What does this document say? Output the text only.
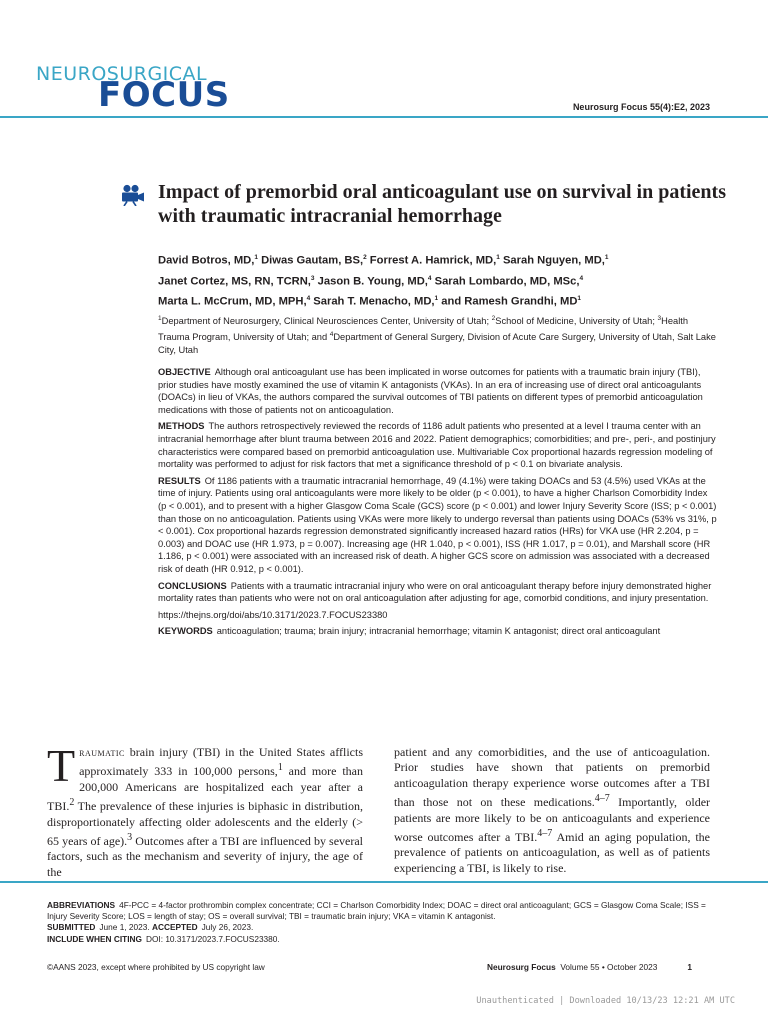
NEUROSURGICAL
FOCUS	Neurosurg Focus 55(4):E2, 2023
Impact of premorbid oral anticoagulant use on survival in patients with traumatic intracranial hemorrhage
David Botros, MD,$^1$ Diwas Gautam, BS,$^2$ Forrest A. Hamrick, MD,$^1$ Sarah Nguyen, MD,$^1$
Janet Cortez, MS, RN, TCRN,$^3$ Jason B. Young, MD,$^4$ Sarah Lombardo, MD, MSc,$^4$
Marta L. McCrum, MD, MPH,$^4$ Sarah T. Menacho, MD,$^1$ and Ramesh Grandhi, $MD^1$
$^1$Department of Neurosurgery, Clinical Neurosciences Center, University of Utah; $^2$School of Medicine, University of Utah; $^3$Health Trauma Program, University of Utah; and $^4$Department of General Surgery, Division of Acute Care Surgery, University of Utah, Salt Lake City, Utah

OBJECTIVE Although oral anticoagulant use has been implicated in worse outcomes for patients with a traumatic brain injury (TBI), prior studies have mostly examined the use of vitamin K antagonists (VKAs). In an era of increasing use of direct oral anticoagulants (DOACs) in lieu of VKAs, the authors compared the survival outcomes of TBI patients on different types of premorbid anticoagulation medications with those of patients not on anticoagulation.

METHODS The authors retrospectively reviewed the records of 1186 adult patients who presented at a level I trauma center with an intracranial hemorrhage after blunt trauma between 2016 and 2022. Patient demographics; comorbidities; and pre-, peri-, and postinjury characteristics were compared based on premorbid anticoagulation use. Multivariable Cox proportional hazards regression modeling of mortality was performed to adjust for risk factors that met a significance threshold of p < 0.1 on bivariate analysis.

RESULTS Of 1186 patients with a traumatic intracranial hemorrhage, 49 (4.1%) were taking DOACs and 53 (4.5%) used VKAs at the time of injury. Patients using oral anticoagulants were more likely to be older (p < 0.001), to have a higher Charlson Comorbidity Index (p < 0.001), and to present with a higher Glasgow Coma Scale (GCS) score (p < 0.001) and lower Injury Severity Score (ISS; p < 0.001) than those on no anticoagulation. Patients using VKAs were more likely to undergo reversal than patients using DOACs (53% vs 31%, p < 0.001). Cox proportional hazards regression demonstrated significantly increased hazard ratios (HRs) for VKA use (HR 2.204, p = 0.003) and DOAC use (HR 1.973, p = 0.007). Increasing age (HR 1.040, p < 0.001), ISS (HR 1.017, p = 0.01), and Marshall score (HR 1.186, p < 0.001) were associated with an increased risk of death. A higher GCS score on admission was associated with a decreased risk of death (HR 0.912, p < 0.001).

CONCLUSIONS Patients with a traumatic intracranial injury who were on oral anticoagulant therapy before injury demonstrated higher mortality rates than patients who were not on oral anticoagulation after adjusting for age, comorbid conditions, and injury presentation.

https://thejns.org/doi/abs/10.3171/2023.7.FOCUS23380

KEYWORDS anticoagulation; trauma; brain injury; intracranial hemorrhage; vitamin K antagonist; direct oral anticoagulant

Traumatic brain injury (TBI) in the United States afflicts approximately 333 in 100,000 persons,$^1$ and more than 200,000 Americans are hospitalized each year after a TBI.$^2$ The prevalence of these injuries is biphasic in distribution, disproportionately affecting older adolescents and the elderly (> 65 years of age).$^3$ Outcomes after a TBI are influenced by several factors, such as the mechanism and severity of injury, the age of the
patient and any comorbidities, and the use of anticoagulation. Prior studies have shown that patients on premorbid anticoagulation therapy experience worse outcomes after a TBI than those not on these medications.$^{4-7}$ Importantly, older patients are more likely to be on anticoagulants and experience worse outcomes after a TBI.$^{4-7}$ Amid an aging population, the prevalence of patients on anticoagulation, as well as of patients experiencing a TBI, is likely to rise.

ABBREVIATIONS 4F-PCC = 4-factor prothrombin complex concentrate; CCI = Charlson Comorbidity Index; DOAC = direct oral anticoagulant; GCS = Glasgow Coma Scale; ISS = Injury Severity Score; LOS = length of stay; OS = overall survival; TBI = traumatic brain injury; VKA = vitamin K antagonist.

SUBMITTED June 1, 2023. ACCEPTED July 26, 2023.

INCLUDE WHEN CITING DOI: 10.3171/2023.7.FOCUS23380.

©AANS 2023, except where prohibited by US copyright law	Neurosurg Focus Volume 55 • October 2023	1
Unauthenticated | Downloaded 10/13/23 12:21 AM UTC
